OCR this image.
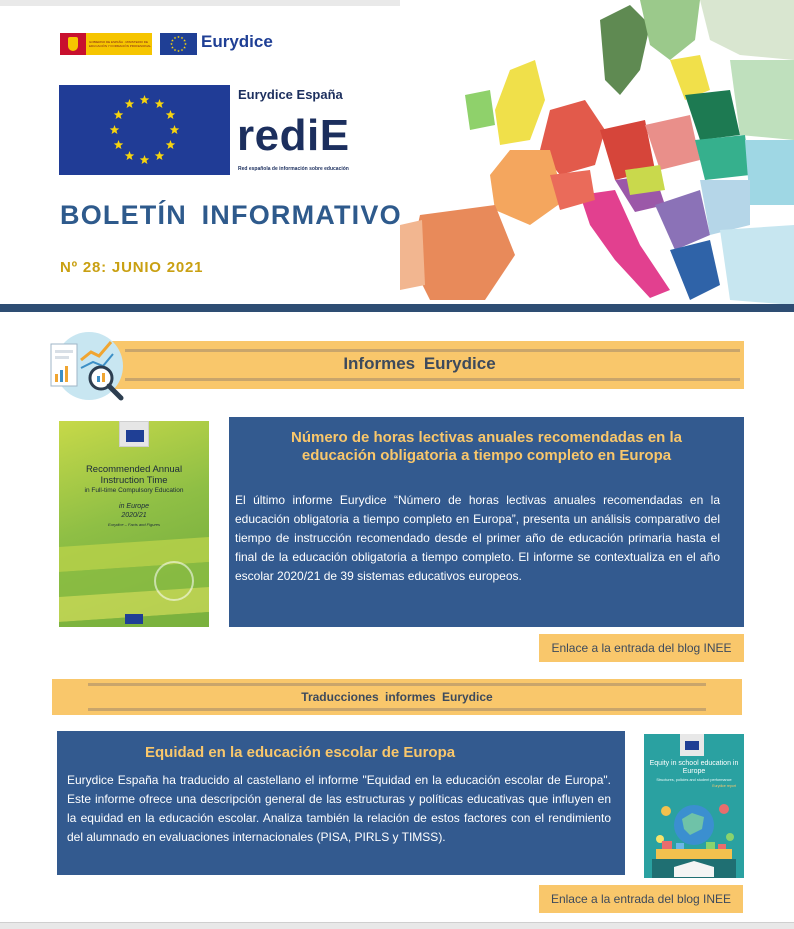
GOBIERNO DE ESPAÑA · MINISTERIO DE EDUCACIÓN Y FORMACIÓN PROFESIONAL	Eurydice
Eurydice España
rediE
Red española de información sobre educación
BOLETÍN INFORMATIVO
Nº 28: JUNIO 2021
Informes Eurydice
Recommended Annual Instruction Time
in Full-time Compulsory Education
in Europe
2020/21
Eurydice – Facts and Figures
Número de horas lectivas anuales recomendadas en la educación obligatoria a tiempo completo en Europa
El último informe Eurydice “Número de horas lectivas anuales recomendadas en la educación obligatoria a tiempo completo en Europa”, presenta un análisis comparativo del tiempo de instrucción recomendado desde el primer año de educación primaria hasta el final de la educación obligatoria a tiempo completo. El informe se contextualiza en el año escolar 2020/21 de 39 sistemas educativos europeos.
Enlace a la entrada del blog INEE
Traducciones informes Eurydice
Equidad en la educación escolar de Europa
Eurydice España ha traducido al castellano el informe "Equidad en la educación escolar de Europa". Este informe ofrece una descripción general de las estructuras y políticas educativas que influyen en la equidad en la educación escolar. Analiza también la relación de estos factores con el rendimiento del alumnado en evaluaciones internacionales (PISA, PIRLS y TIMSS).
Equity in school education in Europe
Structures, policies and student performance
Eurydice report
Enlace a la entrada del blog INEE
